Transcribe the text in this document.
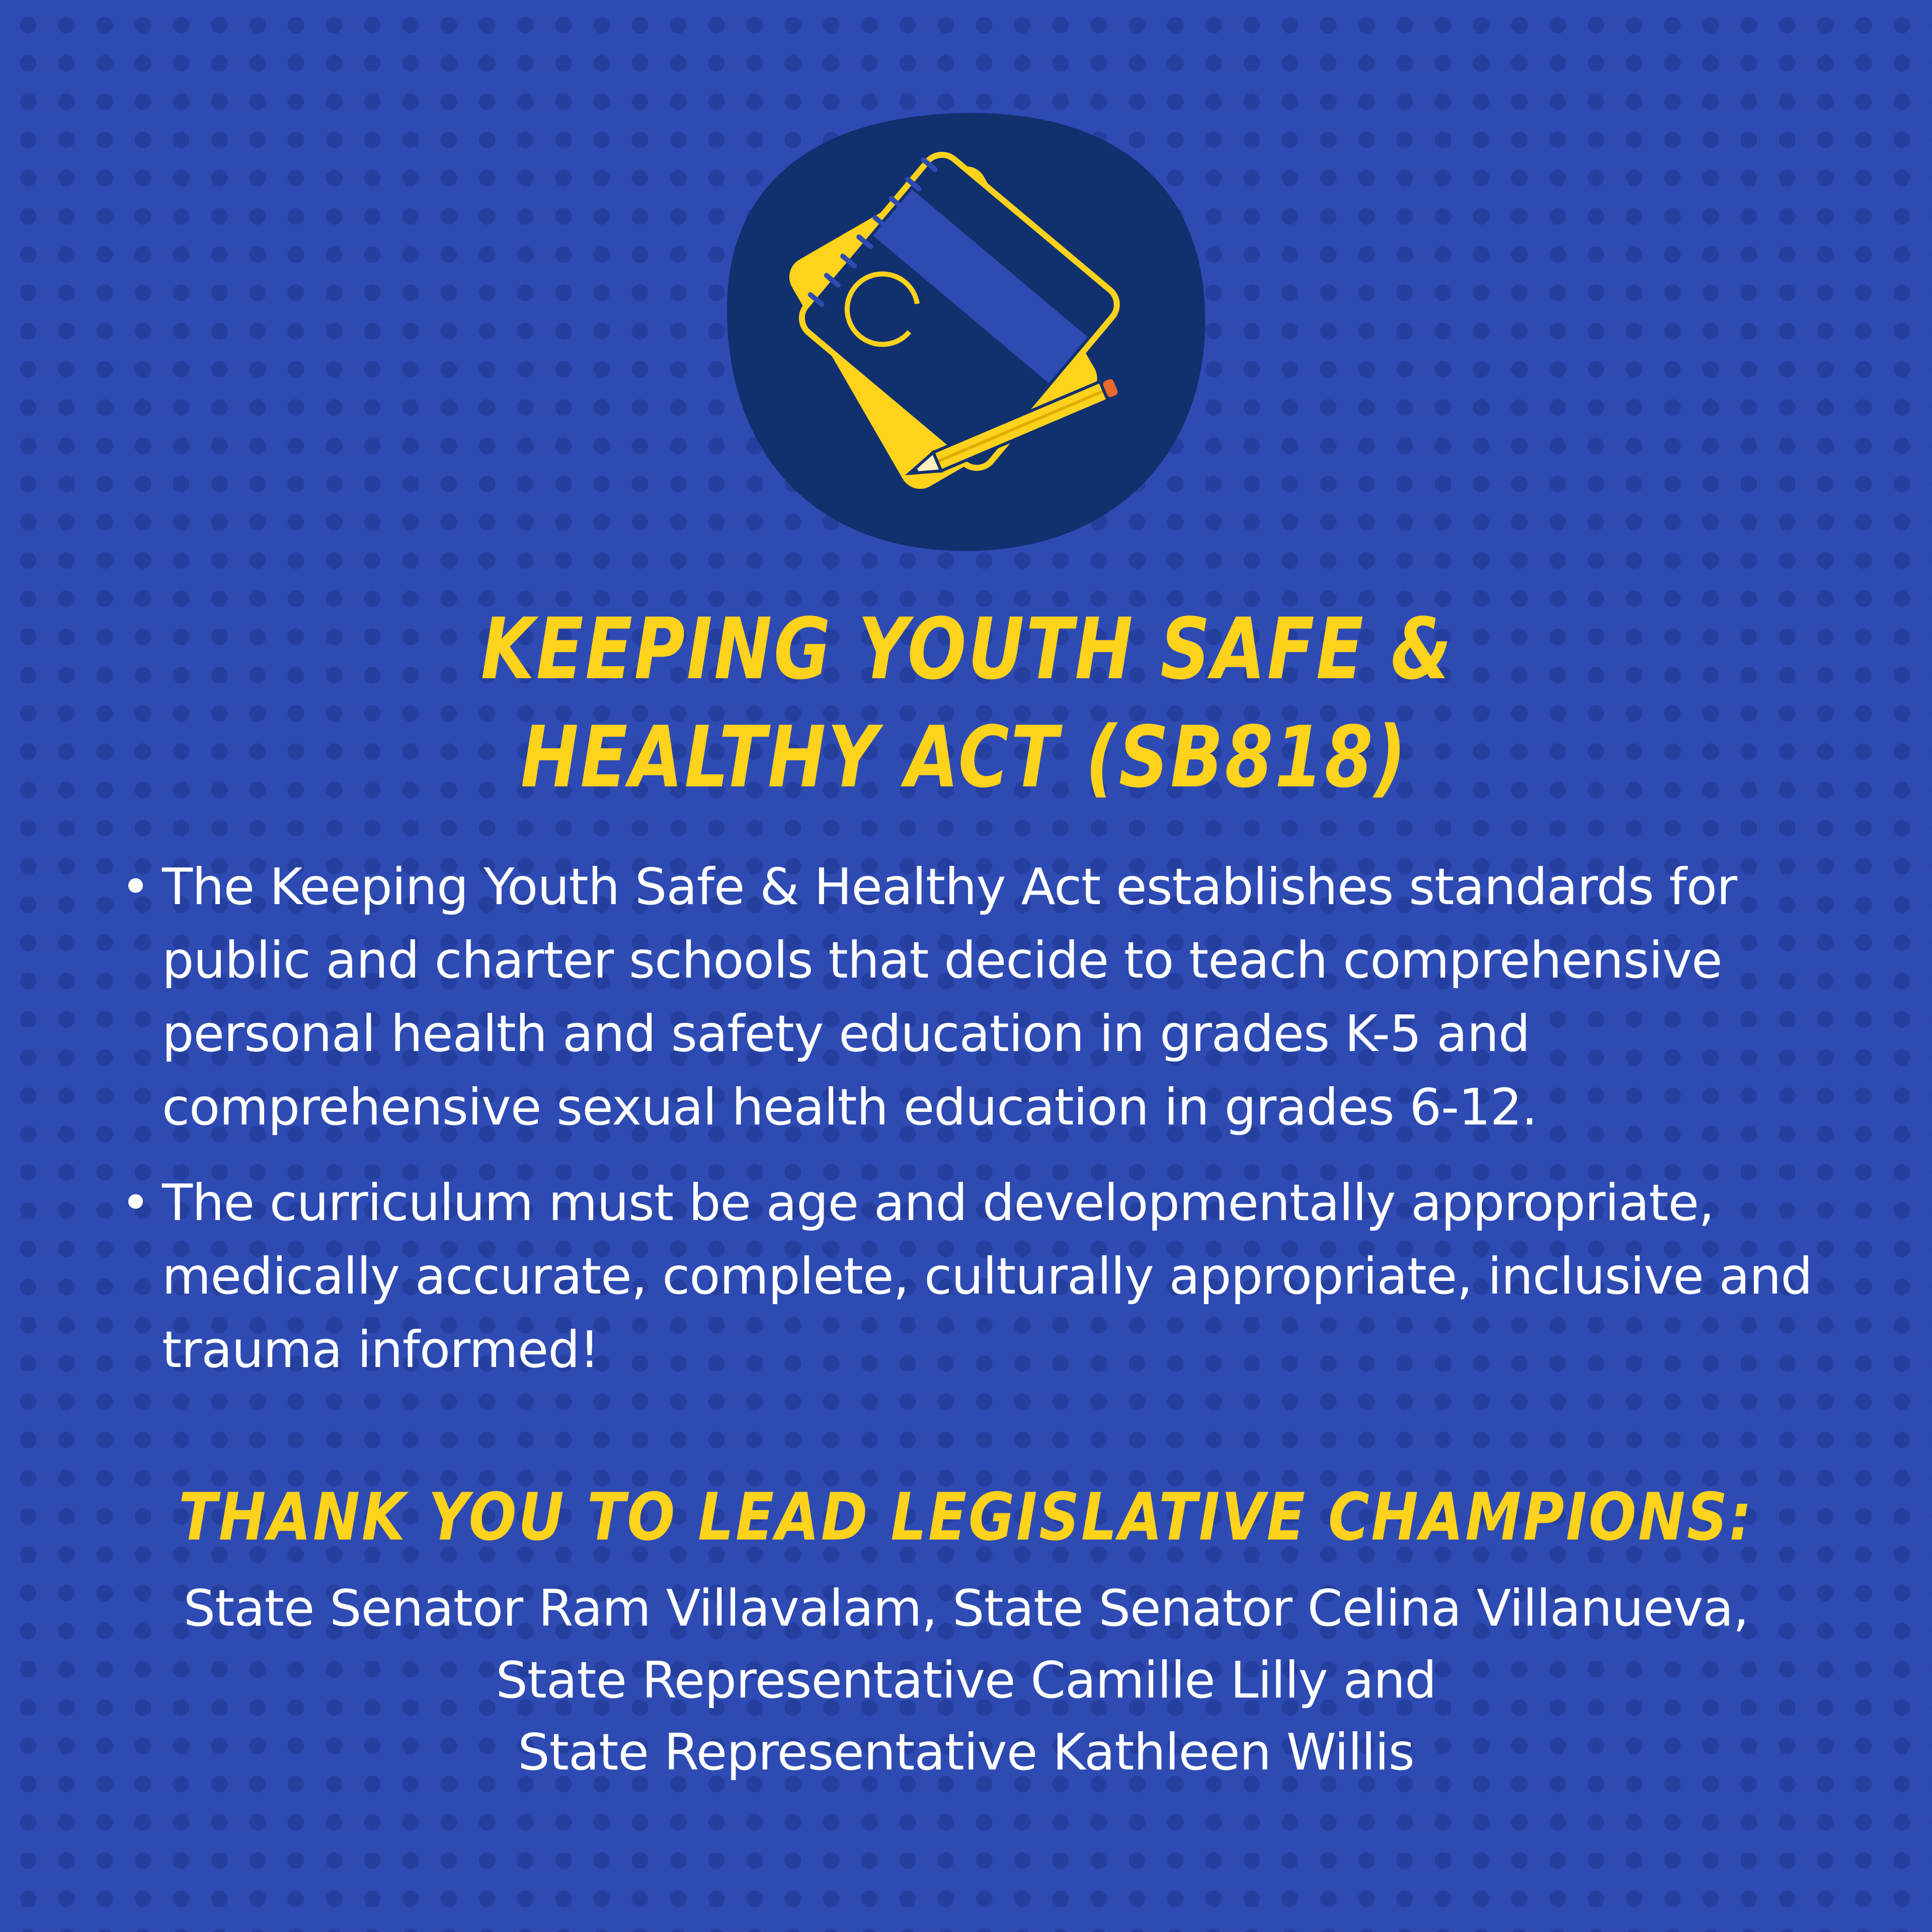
KEEPING YOUTH SAFE &
HEALTHY ACT (SB818)
• The Keeping Youth Safe & Healthy Act establishes standards for public and charter schools that decide to teach comprehensive personal health and safety education in grades K-5 and comprehensive sexual health education in grades 6-12.
• The curriculum must be age and developmentally appropriate, medically accurate, complete, culturally appropriate, inclusive and trauma informed!
THANK YOU TO LEAD LEGISLATIVE CHAMPIONS:
State Senator Ram Villavalam, State Senator Celina Villanueva,
State Representative Camille Lilly and
State Representative Kathleen Willis
